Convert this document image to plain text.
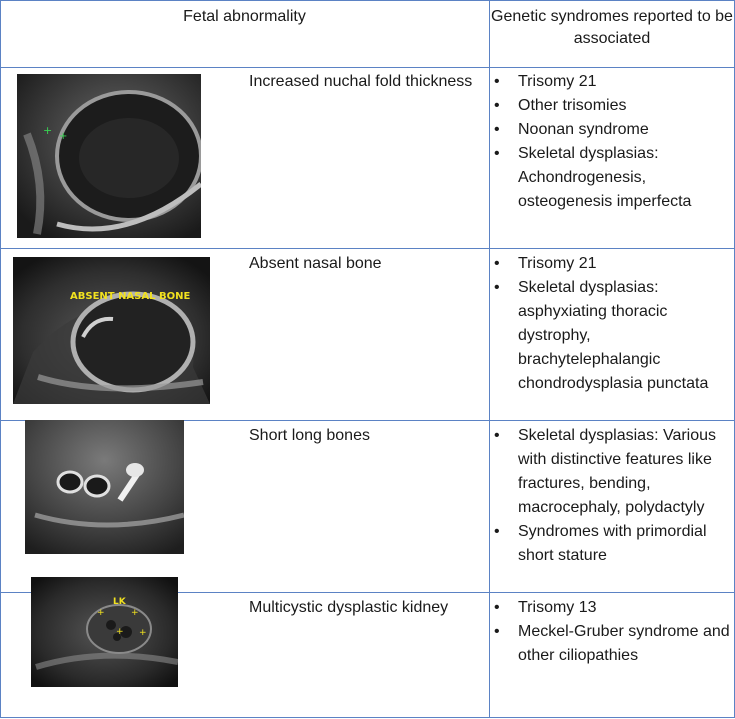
Fetal abnormality	Genetic syndromes reported to be associated
+ +
Increased nuchal fold thickness	• Trisomy 21
• Other trisomies
• Noonan syndrome
• Skeletal dysplasias: Achondrogenesis, osteogenesis imperfecta
ABSENT NASAL BONE
Absent nasal bone	• Trisomy 21
• Skeletal dysplasias: asphyxiating thoracic dystrophy, brachytelephalangic chondrodysplasia punctata
Short long bones	• Skeletal dysplasias: Various with distinctive features like fractures, bending, macrocephaly, polydactyly
• Syndromes with primordial short stature
LK
+	+
+ +
Multicystic dysplastic kidney	• Trisomy 13
• Meckel-Gruber syndrome and other ciliopathies
